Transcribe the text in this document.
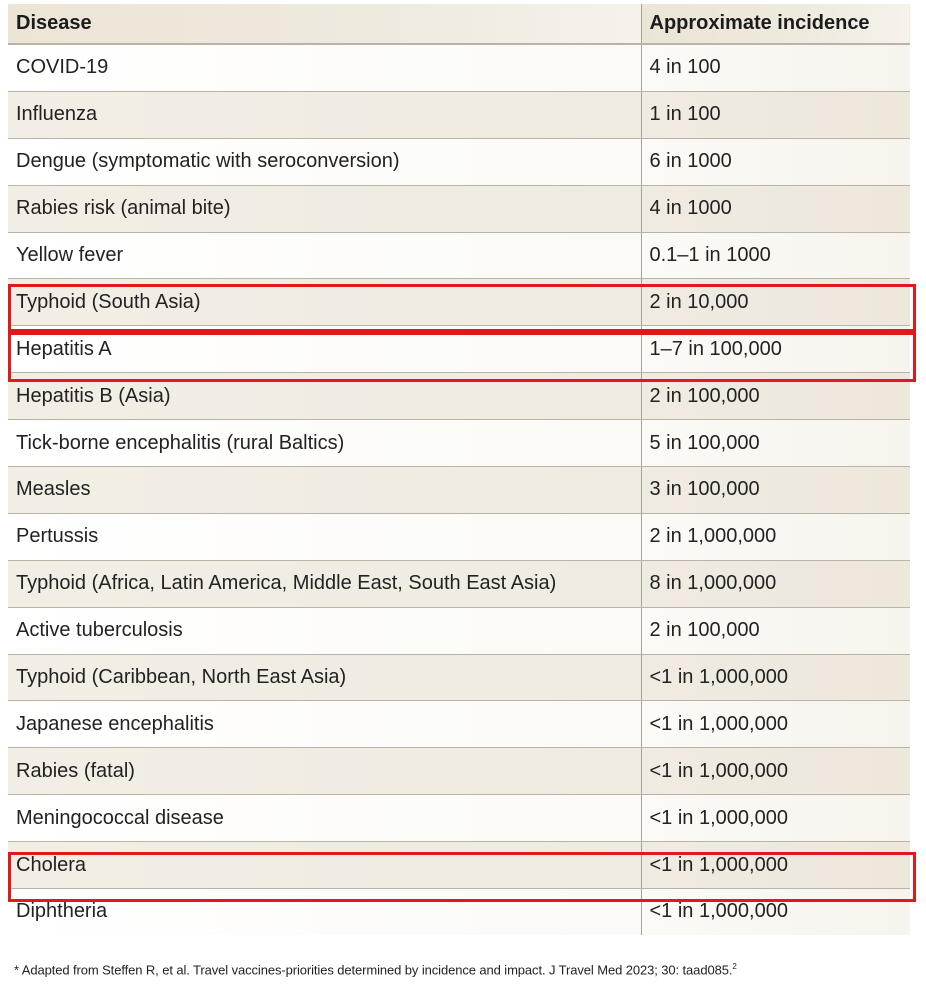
Disease	Approximate incidence
COVID-19	4 in 100
Influenza	1 in 100
Dengue (symptomatic with seroconversion)	6 in 1000
Rabies risk (animal bite)	4 in 1000
Yellow fever	0.1–1 in 1000
Typhoid (South Asia)	2 in 10,000
Hepatitis A	1–7 in 100,000
Hepatitis B (Asia)	2 in 100,000
Tick-borne encephalitis (rural Baltics)	5 in 100,000
Measles	3 in 100,000
Pertussis	2 in 1,000,000
Typhoid (Africa, Latin America, Middle East, South East Asia)	8 in 1,000,000
Active tuberculosis	2 in 100,000
Typhoid (Caribbean, North East Asia)	<1 in 1,000,000
Japanese encephalitis	<1 in 1,000,000
Rabies (fatal)	<1 in 1,000,000
Meningococcal disease	<1 in 1,000,000
Cholera	<1 in 1,000,000
Diphtheria	<1 in 1,000,000
* Adapted from Steffen R, et al. Travel vaccines-priorities determined by incidence and impact. J Travel Med 2023; 30: taad085.$^2$
